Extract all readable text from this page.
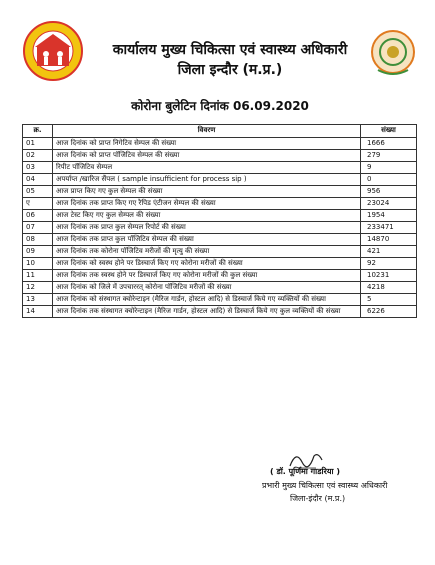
कार्यालय मुख्य चिकित्सा एवं स्वास्थ्य अधिकारी
जिला इन्दौर (म.प्र.)
कोरोना बुलेटिन दिनांक 06.09.2020
क्र.	विवरण	संख्या
01	आज दिनांक को प्राप्त निगेटिव सेम्पल की संख्या	1666
02	आज दिनांक को प्राप्त पॉजिटिव सेम्पल की संख्या	279
03	रिपीट पॉजिटिव सेम्पल	9
04	अपर्याप्त /खारिज सैंपल ( sample insufficient for process sip )	0
05	आज प्राप्त किए गए कुल सेम्पल की संख्या	956
ए	आज दिनांक तक प्राप्त किए गए रैपिड एंटीजन सेम्पल की संख्या	23024
06	आज टेस्ट किए गए कुल सेम्पल की संख्या	1954
07	आज दिनांक तक प्राप्त कुल सेम्पल रिपोर्ट की संख्या	233471
08	आज दिनांक तक प्राप्त कुल पॉजिटिव सेम्पल की संख्या	14870
09	आज दिनांक तक कोरोना पॉजिटिव मरीजों की मृत्यु की संख्या	421
10	आज दिनांक को स्वस्थ होने पर डिस्चार्ज किए गए कोरोना मरीजों की संख्या	92
11	आज दिनांक तक स्वस्थ होने पर डिस्चार्ज किए गए कोरोना मरीजों की कुल संख्या	10231
12	आज दिनांक को जिले में उपचाररत् कोरोना पॉजिटिव मरीजों की संख्या	4218
13	आज दिनांक को संस्थागत क्वोरेन्टाइन (मैरिज गार्डन, होस्टल आदि) से डिस्चार्ज किये गए व्यक्तियों की संख्या	5
14	आज दिनांक तक संस्थागत क्वोरेन्टाइन (मैरिज गार्डन, होस्टल आदि) से डिस्चार्ज किये गए कुल व्यक्तियों की संख्या	6226
( डॉ. पूर्णिमा गाडरिया )
प्रभारी मुख्य चिकित्सा एवं स्वास्थ्य अधिकारी
जिला-इंदौर (म.प्र.)
